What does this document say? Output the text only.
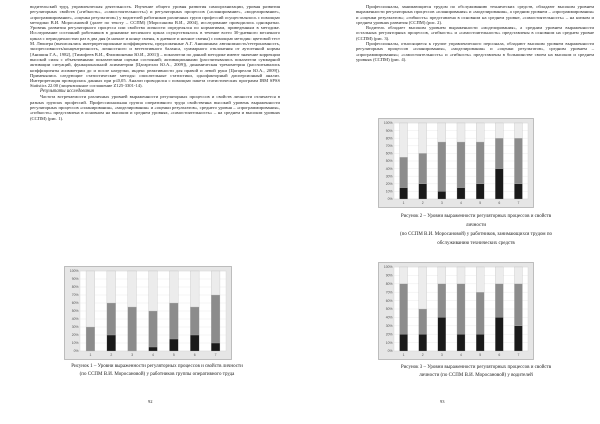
водительский труд, управленческая деятельность. Изучение общего уровня развития самоорганизации, уровня развития регуляторных свойств («гибкость», «самостоятельность») и регуляторных процессов («планирование», «моделирование», «программирование», «оценка результатов») у водителей работников различных групп профессий осуществлялось с помощью методики В.И. Моросановой (далее по тексту – ССПМ) [Моросанова В.И., 2004], исследование проводилось однократно. Уровень развития регуляторного процесса или свойства личности определялся по нормативам, приведенным в методике. Исследование состояний работников в динамике месячного цикла осуществлялось в течение всего 30-дневного месячного цикла с периодичностью раз в два дня (в начале и конце смены, в дневное и ночное смены) с помощью методик: цветовой тест М. Люшера (вычислялись интерпретационные коэффициенты, предложенные А.Г. Анишиным: автономность/гетерономность, экспрессивность/концентричность, личностного и вегетативного баланса, суммарного отклонения от аутогенной нормы [Анишин Г.А., 1982], [Тимофеев В.И., Филимоненко Ю.И., 2001]) – показатели по данной методике имеют значение коррекции высокой силы с объективными показателями оценки состояний; активационными (рассчитывались показатели суммарной активации ситуаций, функциональной асимметрии [Цагарелли Ю.А., 2009]), динамическая тремометрия (рассчитывались коэффициенты асимметрии до и после нагрузки, индекс реактивности для правой и левой руки [Цагарелли Ю.А., 2009]). Применялись следующие статистические методы: описательные статистики, однофакторный дисперсионный анализ. Интерпретация проводилась данных при p≤0,05. Анализ проводился с помощью пакета статистических программ IBM SPSS Statistics 22.00 (лицензионное соглашение Z125-3301-14).

Результаты исследования

Частота встречаемости различных уровней выраженности регуляторных процессов и свойств личности отличается в разных группах профессий. Профессиональная группа оперативного труда свойственна высокий уровень выраженности регуляторных процессов «планирования», «моделирования» и «оценки результатов», среднего уровня – «программирования», «гибкость» представлена в основном на высоком и среднем уровнях, «самостоятельность» – на среднем и высоком уровнях (ССПМ) (рис. 1).

0%
10%
20%
30%
40%
50%
60%
70%
80%
90%
100%
1	2	3	4	5	6	7
Рисунок 1 – Уровни выраженности регуляторных процессов и свойств личности
(по ССПМ В.И. Моросановой) у работников группы оперативного труда
92
0%
10%
20%
30%
40%
50%
60%
70%
80%
90%
100%
1	2	3	4	5	6	7
Рисунок 2 – Уровни выраженности регуляторных процессов и свойств
личности
(по ССПМ В.И. Моросановой) у работников, занимающихся трудом по
обслуживанию технических средств
0%
10%
20%
30%
40%
50%
60%
70%
80%
90%
100%
1	2	3	4	5	6	7
Рисунок 3 – Уровни выраженности регуляторных процессов и свойств
личности (по ССПМ В.И. Моросановой) у водителей
93

Профессионалы, занимающиеся трудом по обслуживанию технических средств, обладают высоким уровнем выраженности регуляторных процессов «планирования» и «моделирования», а средним уровнем – «программирования» и «оценки результатов»; «гибкость» представлена в основном на среднем уровне, «самостоятельность» – на низком и среднем уровнях развития (ССПМ) (рис. 2).

Водитель обладает высоким уровнем выраженности «моделирования», а средним уровнем выраженности остальных регуляторных процессов, «гибкость» и «самостоятельность» представлены в основном на среднем уровне (ССПМ) (рис. 3).

Профессионалы, относящиеся к группе управленческого персонала, обладают высоким уровнем выраженности регуляторных процессов «планирования», «моделирования» и «оценки результатов», средним уровнем – «программирования»; «самостоятельность» и «гибкость» представлены в большинстве своем на высоком и среднем уровнях (ССПМ) (рис. 4).
